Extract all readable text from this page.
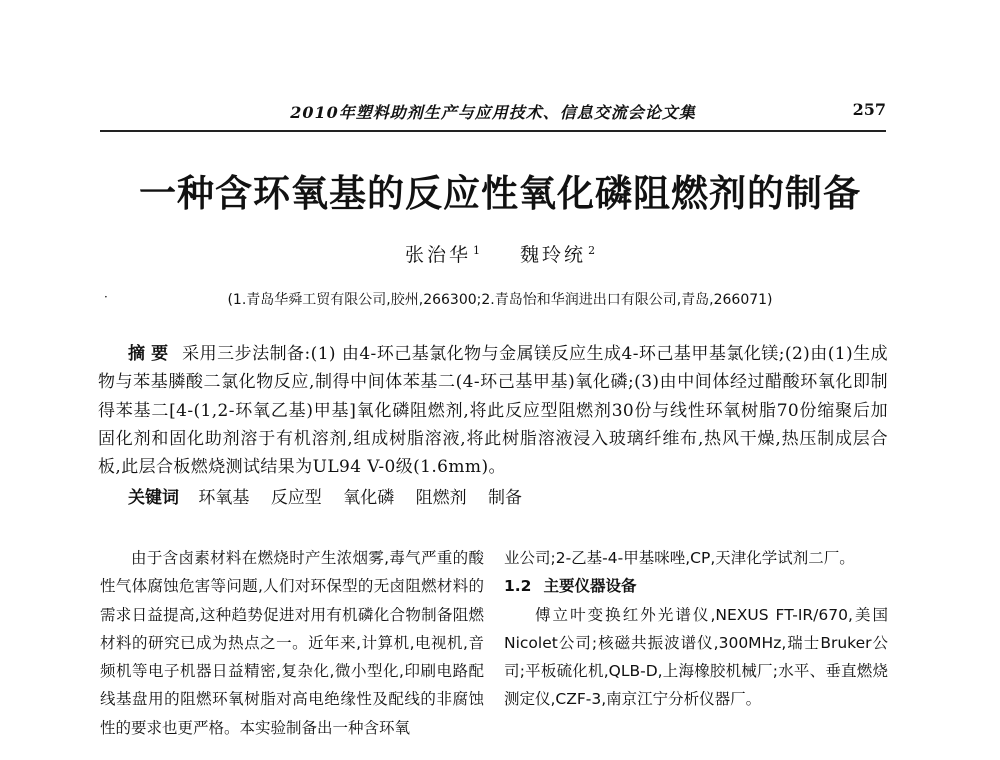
2010年塑料助剂生产与应用技术、信息交流会论文集	257
一种含环氧基的反应性氧化磷阻燃剂的制备
张治华 $^1$ 魏玲统 $^2$
·	(1.青岛华舜工贸有限公司,胶州,266300;2.青岛怡和华润进出口有限公司,青岛,266071)
摘要 采用三步法制备:(1) 由4-环己基氯化物与金属镁反应生成4-环己基甲基氯化镁;(2)由(1)生成物与苯基膦酸二氯化物反应,制得中间体苯基二(4-环己基甲基)氧化磷;(3)由中间体经过醋酸环氧化即制得苯基二[4-(1,2-环氧乙基)甲基]氧化磷阻燃剂,将此反应型阻燃剂30份与线性环氧树脂70份缩聚后加固化剂和固化助剂溶于有机溶剂,组成树脂溶液,将此树脂溶液浸入玻璃纤维布,热风干燥,热压制成层合板,此层合板燃烧测试结果为UL94 V-0级(1.6mm)。
关键词 环氧基 反应型 氧化磷 阻燃剂 制备

由于含卤素材料在燃烧时产生浓烟雾,毒气严重的酸性气体腐蚀危害等问题,人们对环保型的无卤阻燃材料的需求日益提高,这种趋势促进对用有机磷化合物制备阻燃材料的研究已成为热点之一。近年来,计算机,电视机,音频机等电子机器日益精密,复杂化,微小型化,印刷电路配线基盘用的阻燃环氧树脂对高电绝缘性及配线的非腐蚀性的要求也更严格。本实验制备出一种含环氧

业公司;2-乙基-4-甲基咪唑,CP,天津化学试剂二厂。

1.2 主要仪器设备

傅立叶变换红外光谱仪,NEXUS FT-IR/670,美国Nicolet公司;核磁共振波谱仪,300MHz,瑞士Bruker公司;平板硫化机,QLB-D,上海橡胶机械厂;水平、垂直燃烧测定仪,CZF-3,南京江宁分析仪器厂。
